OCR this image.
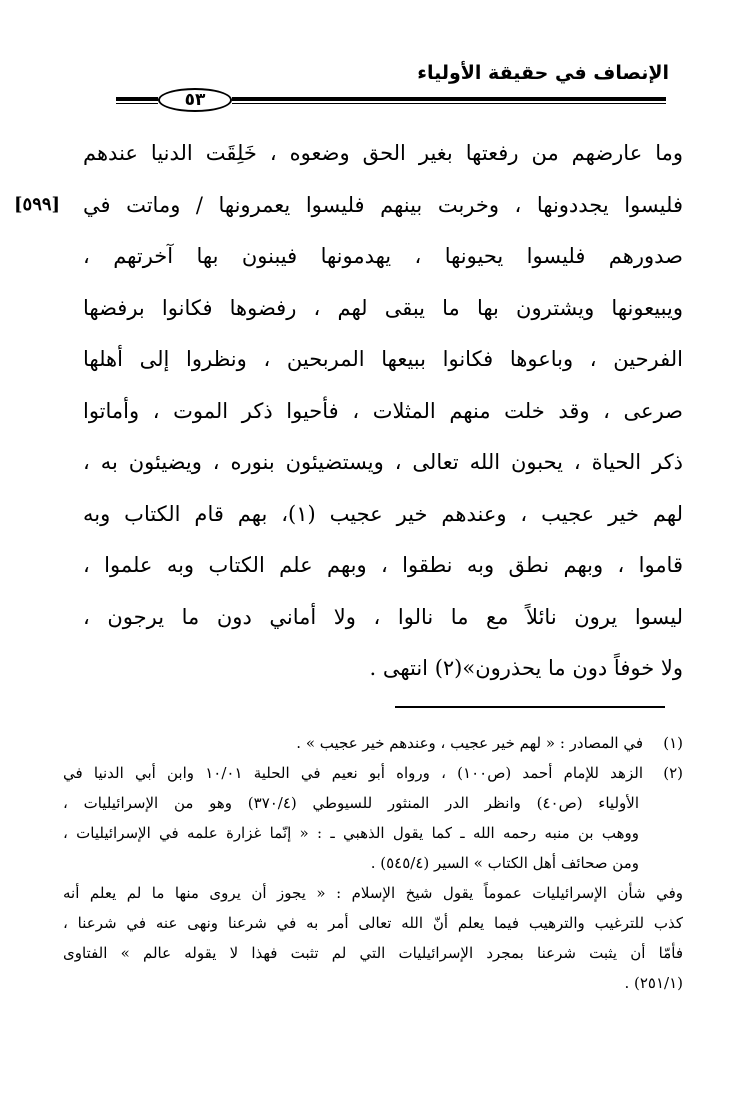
الإنصاف في حقيقة الأولياء
٥٣
[٥٩٩]
وما عارضهم من رفعتها بغير الحق وضعوه ، خَلِقَت الدنيا عندهم
فليسوا يجددونها ، وخربت بينهم فليسوا يعمرونها / وماتت في
صدورهم فليسوا يحيونها ، يهدمونها فيبنون بها آخرتهم ،
ويبيعونها ويشترون بها ما يبقى لهم ، رفضوها فكانوا برفضها
الفرحين ، وباعوها فكانوا ببيعها المربحين ، ونظروا إلى أهلها
صرعى ، وقد خلت منهم المثلات ، فأحيوا ذكر الموت ، وأماتوا
ذكر الحياة ، يحبون الله تعالى ، ويستضيئون بنوره ، ويضيئون به ،
لهم خير عجيب ، وعندهم خير عجيب (١)، بهم قام الكتاب وبه
قاموا ، وبهم نطق وبه نطقوا ، وبهم علم الكتاب وبه علموا ،
ليسوا يرون نائلاً مع ما نالوا ، ولا أماني دون ما يرجون ،
ولا خوفاً دون ما يحذرون»(٢) انتهى .
(١)
في المصادر : « لهم خير عجيب ، وعندهم خير عجيب » .
(٢)
الزهد للإمام أحمد (ص١٠٠) ، ورواه أبو نعيم في الحلية ١٠/٠١ وابن أبي الدنيا في
الأولياء (ص٤٠) وانظر الدر المنثور للسيوطي (٣٧٠/٤) وهو من الإسرائيليات ،
ووهب بن منبه رحمه الله ـ كما يقول الذهبي ـ : « إنّما غزارة علمه في الإسرائيليات ،
ومن صحائف أهل الكتاب » السير (٥٤٥/٤) .
وفي شأن الإسرائيليات عموماً يقول شيخ الإسلام : « يجوز أن يروى منها ما لم يعلم أنه
كذب للترغيب والترهيب فيما يعلم أنّ الله تعالى أمر به في شرعنا ونهى عنه في شرعنا ،
فأمّا أن يثبت شرعنا بمجرد الإسرائيليات التي لم تثبت فهذا لا يقوله عالم » الفتاوى
(٢٥١/١) .
